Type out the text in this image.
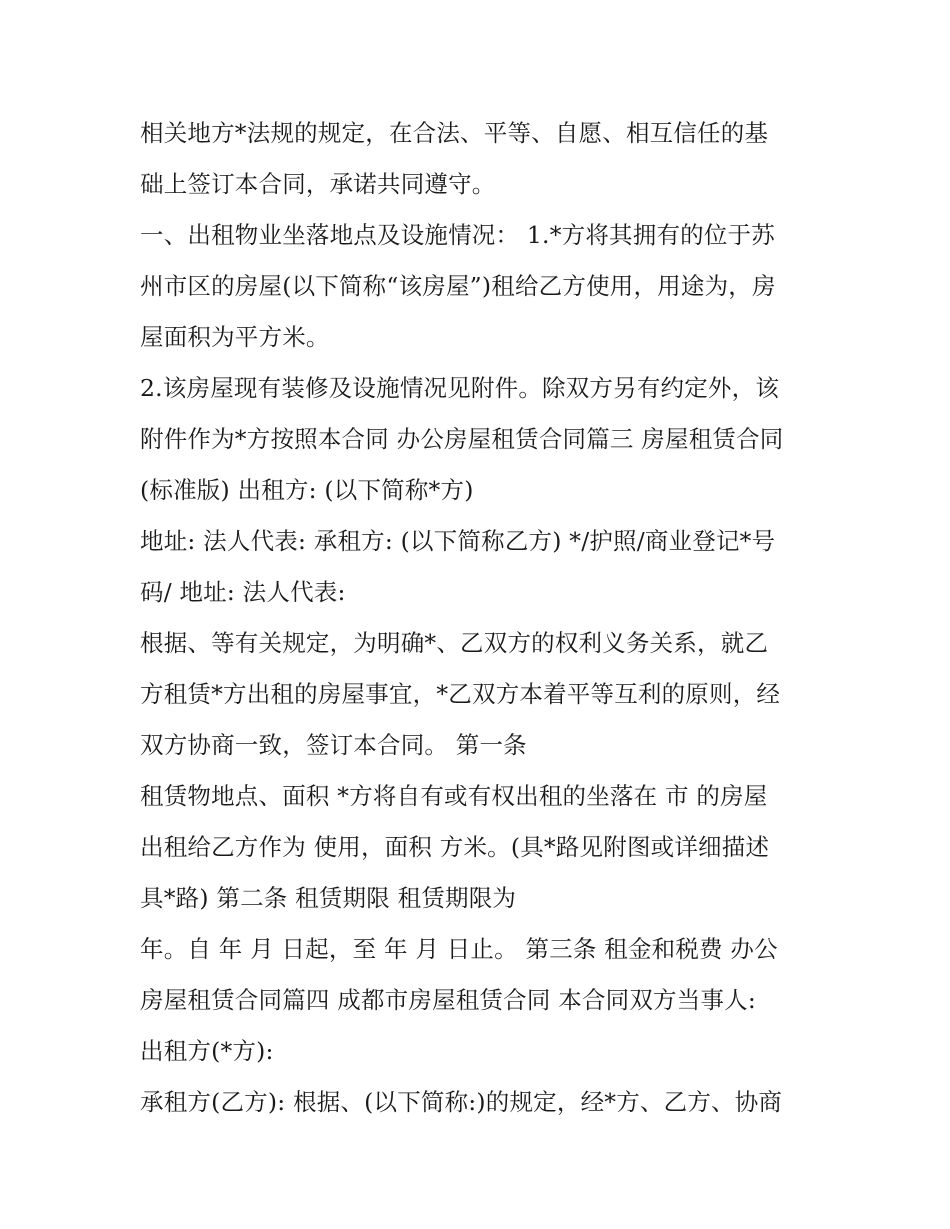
相关地方*法规的规定，在合法、平等、自愿、相互信任的基
础上签订本合同，承诺共同遵守。
一、出租物业坐落地点及设施情况： 1.*方将其拥有的位于苏
州市区的房屋(以下简称“该房屋”)租给乙方使用，用途为，房
屋面积为平方米。
2.该房屋现有装修及设施情况见附件。除双方另有约定外，该
附件作为*方按照本合同 办公房屋租赁合同篇三 房屋租赁合同
(标准版) 出租方: (以下简称*方)
地址: 法人代表: 承租方: (以下简称乙方) */护照/商业登记*号
码/ 地址: 法人代表:
根据、等有关规定，为明确*、乙双方的权利义务关系，就乙
方租赁*方出租的房屋事宜，*乙双方本着平等互利的原则，经
双方协商一致，签订本合同。 第一条
租赁物地点、面积 *方将自有或有权出租的坐落在 市 的房屋
出租给乙方作为 使用，面积 方米。(具*路见附图或详细描述
具*路) 第二条 租赁期限 租赁期限为
年。自 年 月 日起，至 年 月 日止。 第三条 租金和税费 办公
房屋租赁合同篇四 成都市房屋租赁合同 本合同双方当事人:
出租方(*方):
承租方(乙方): 根据、(以下简称:)的规定，经*方、乙方、协商
